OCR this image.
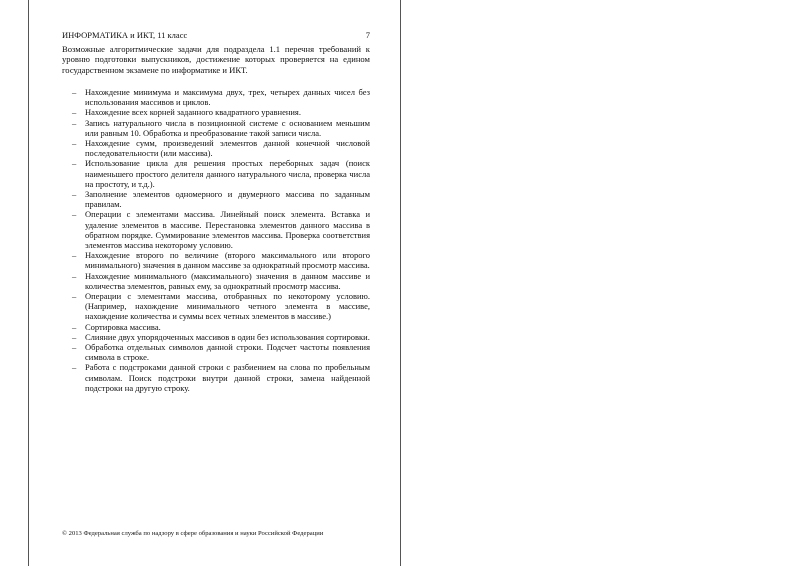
ИНФОРМАТИКА и ИКТ, 11 класс	7
Возможные алгоритмические задачи для подраздела 1.1 перечня требований к уровню подготовки выпускников, достижение которых проверяется на едином государственном экзамене по информатике и ИКТ.
– Нахождение минимума и максимума двух, трех, четырех данных чисел без использования массивов и циклов.
– Нахождение всех корней заданного квадратного уравнения.
– Запись натурального числа в позиционной системе с основанием меньшим или равным 10. Обработка и преобразование такой записи числа.
– Нахождение сумм, произведений элементов данной конечной числовой последовательности (или массива).
– Использование цикла для решения простых переборных задач (поиск наименьшего простого делителя данного натурального числа, проверка числа на простоту, и т.д.).
– Заполнение элементов одномерного и двумерного массива по заданным правилам.
– Операции с элементами массива. Линейный поиск элемента. Вставка и удаление элементов в массиве. Перестановка элементов данного массива в обратном порядке. Суммирование элементов массива. Проверка соответствия элементов массива некоторому условию.
– Нахождение второго по величине (второго максимального или второго минимального) значения в данном массиве за однократный просмотр массива.
– Нахождение минимального (максимального) значения в данном массиве и количества элементов, равных ему, за однократный просмотр массива.
– Операции с элементами массива, отобранных по некоторому условию. (Например, нахождение минимального четного элемента в массиве, нахождение количества и суммы всех четных элементов в массиве.)
– Сортировка массива.
– Слияние двух упорядоченных массивов в один без использования сортировки.
– Обработка отдельных символов данной строки. Подсчет частоты появления символа в строке.
– Работа с подстроками данной строки с разбиением на слова по пробельным символам. Поиск подстроки внутри данной строки, замена найденной подстроки на другую строку.
© 2013 Федеральная служба по надзору в сфере образования и науки Российской Федерации
